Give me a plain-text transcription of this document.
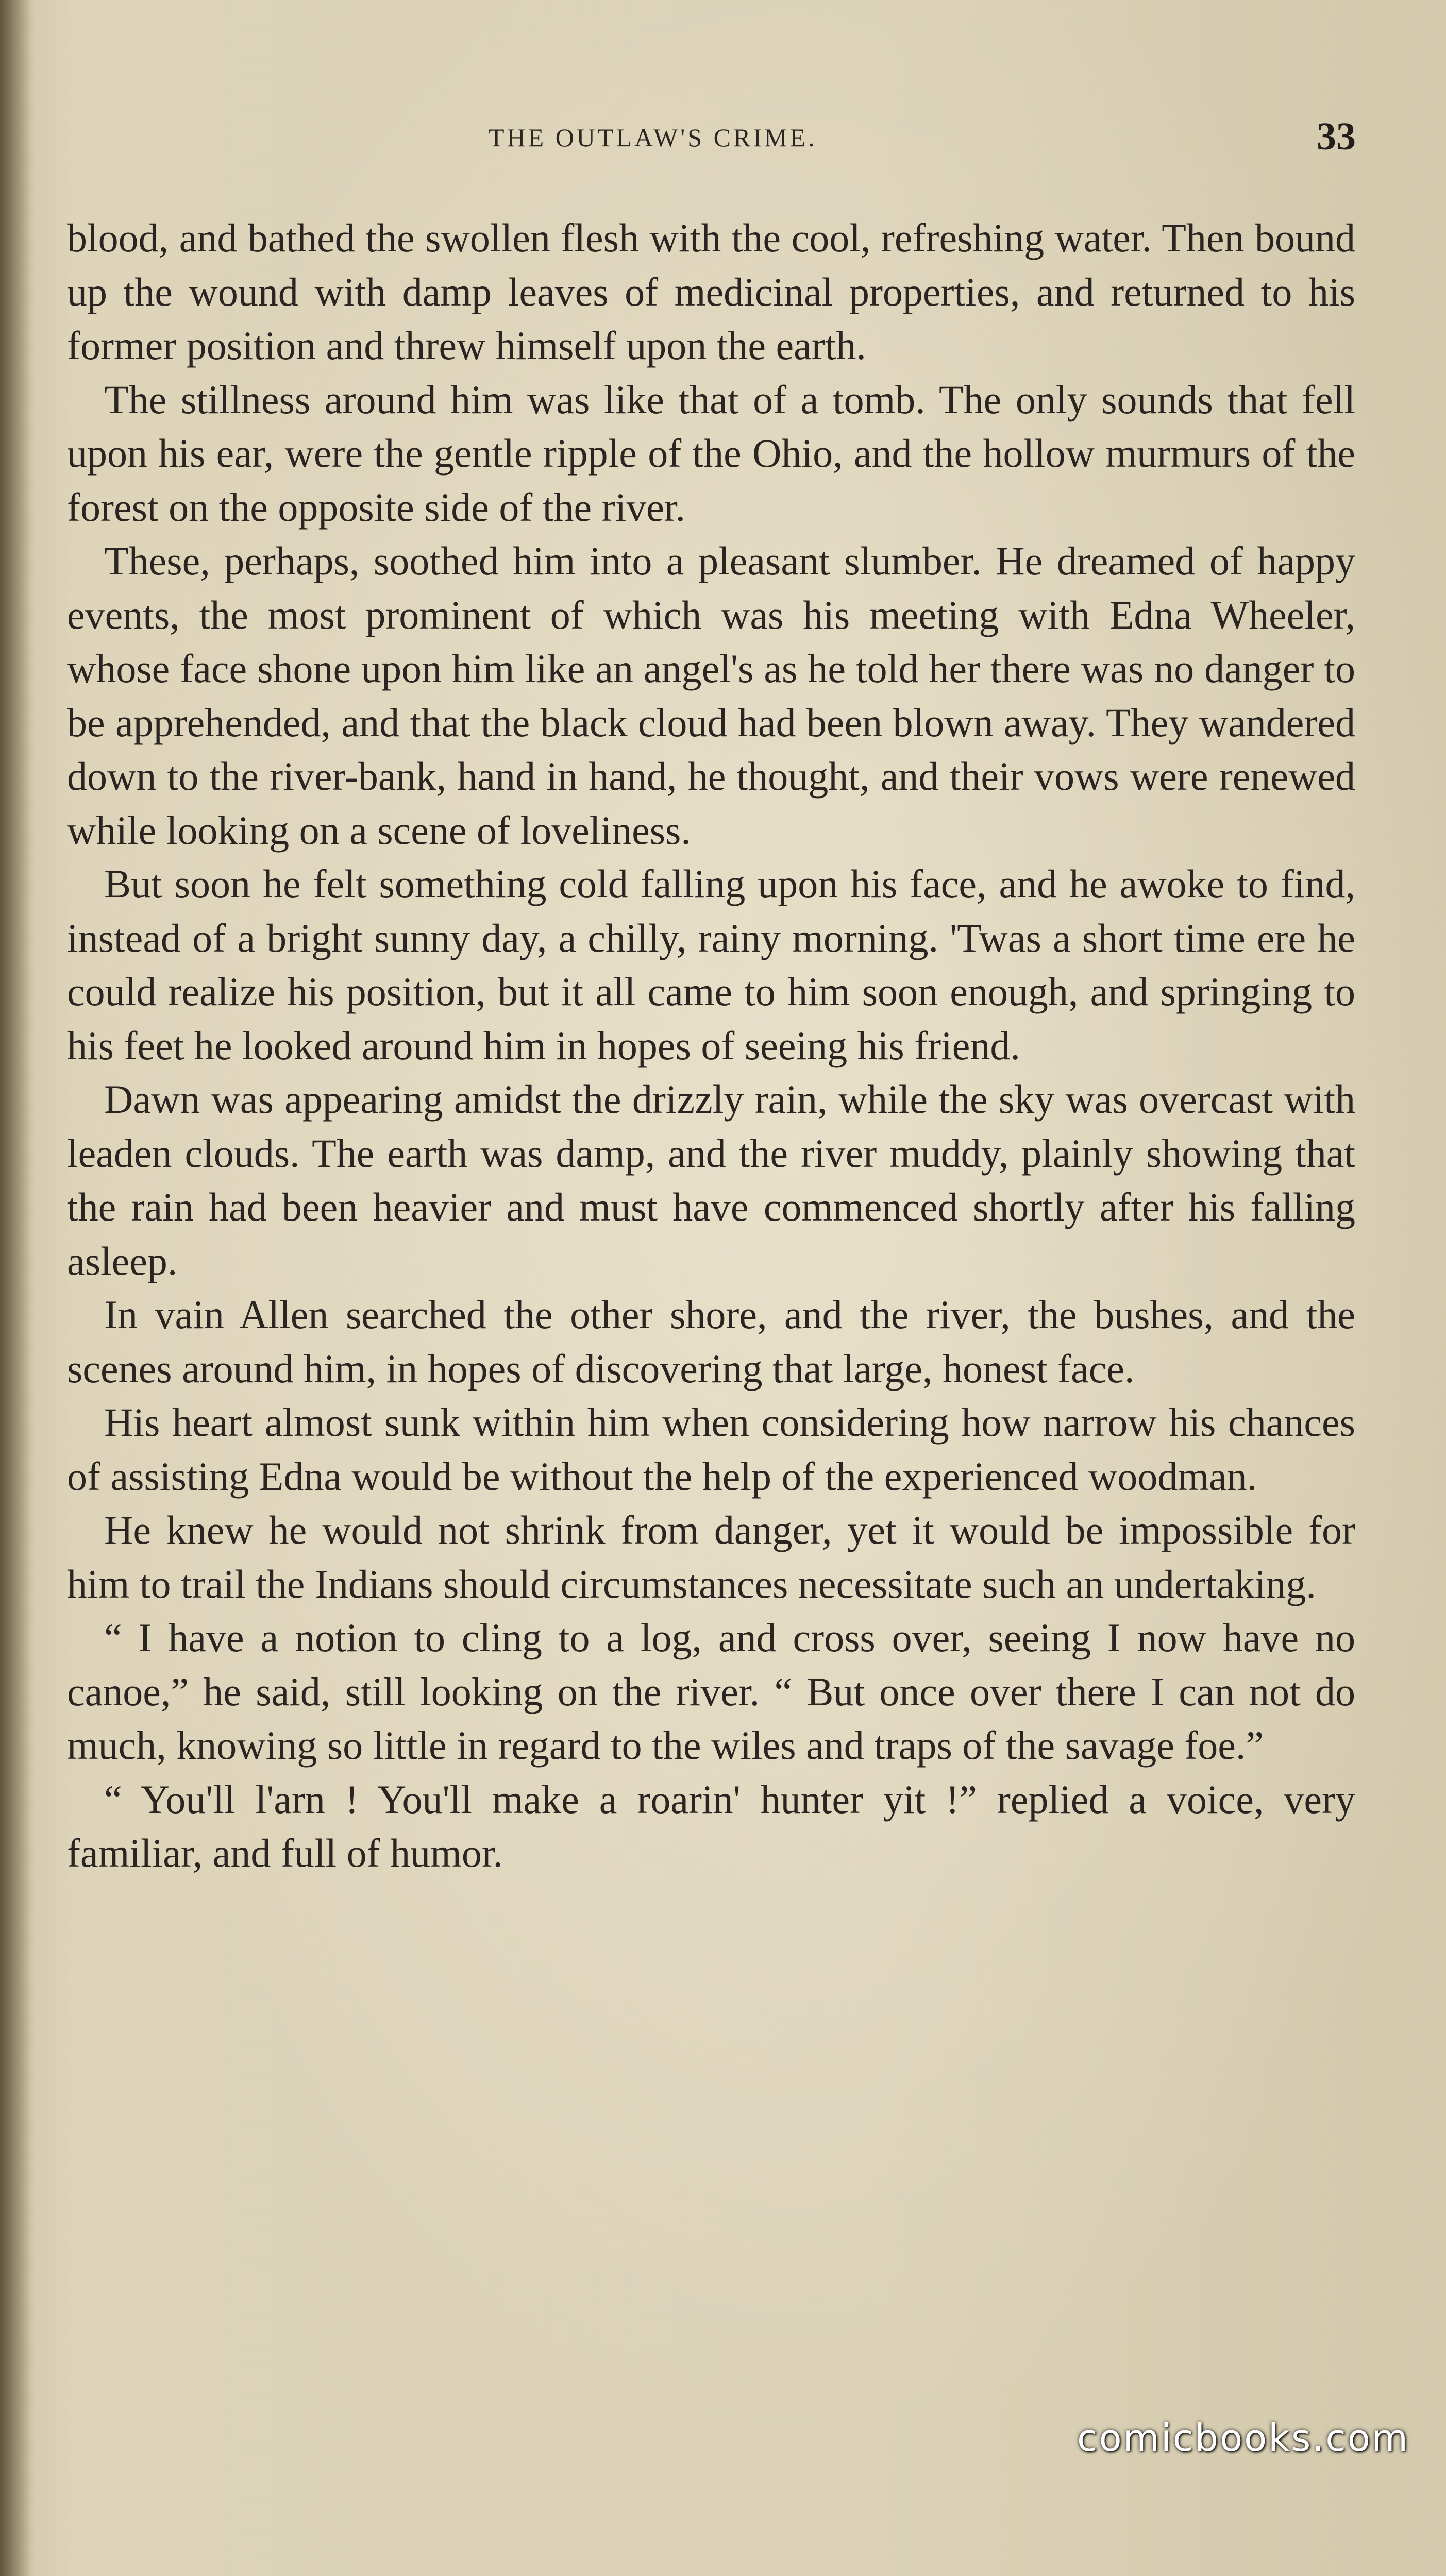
THE OUTLAW'S CRIME.	33

blood, and bathed the swollen flesh with the cool, refreshing water. Then bound up the wound with damp leaves of medicinal properties, and returned to his former position and threw himself upon the earth.

The stillness around him was like that of a tomb. The only sounds that fell upon his ear, were the gentle ripple of the Ohio, and the hollow murmurs of the forest on the opposite side of the river.

These, perhaps, soothed him into a pleasant slumber. He dreamed of happy events, the most prominent of which was his meeting with Edna Wheeler, whose face shone upon him like an angel's as he told her there was no danger to be apprehended, and that the black cloud had been blown away. They wandered down to the river-bank, hand in hand, he thought, and their vows were renewed while looking on a scene of loveliness.

But soon he felt something cold falling upon his face, and he awoke to find, instead of a bright sunny day, a chilly, rainy morning. 'Twas a short time ere he could realize his position, but it all came to him soon enough, and springing to his feet he looked around him in hopes of seeing his friend.

Dawn was appearing amidst the drizzly rain, while the sky was overcast with leaden clouds. The earth was damp, and the river muddy, plainly showing that the rain had been heavier and must have commenced shortly after his falling asleep.

In vain Allen searched the other shore, and the river, the bushes, and the scenes around him, in hopes of discovering that large, honest face.

His heart almost sunk within him when considering how narrow his chances of assisting Edna would be without the help of the experienced woodman.

He knew he would not shrink from danger, yet it would be impossible for him to trail the Indians should circumstances necessitate such an undertaking.

“ I have a notion to cling to a log, and cross over, seeing I now have no canoe,” he said, still looking on the river. “ But once over there I can not do much, knowing so little in regard to the wiles and traps of the savage foe.”

“ You'll l'arn ! You'll make a roarin' hunter yit !” replied a voice, very familiar, and full of humor.

comicbooks.com
